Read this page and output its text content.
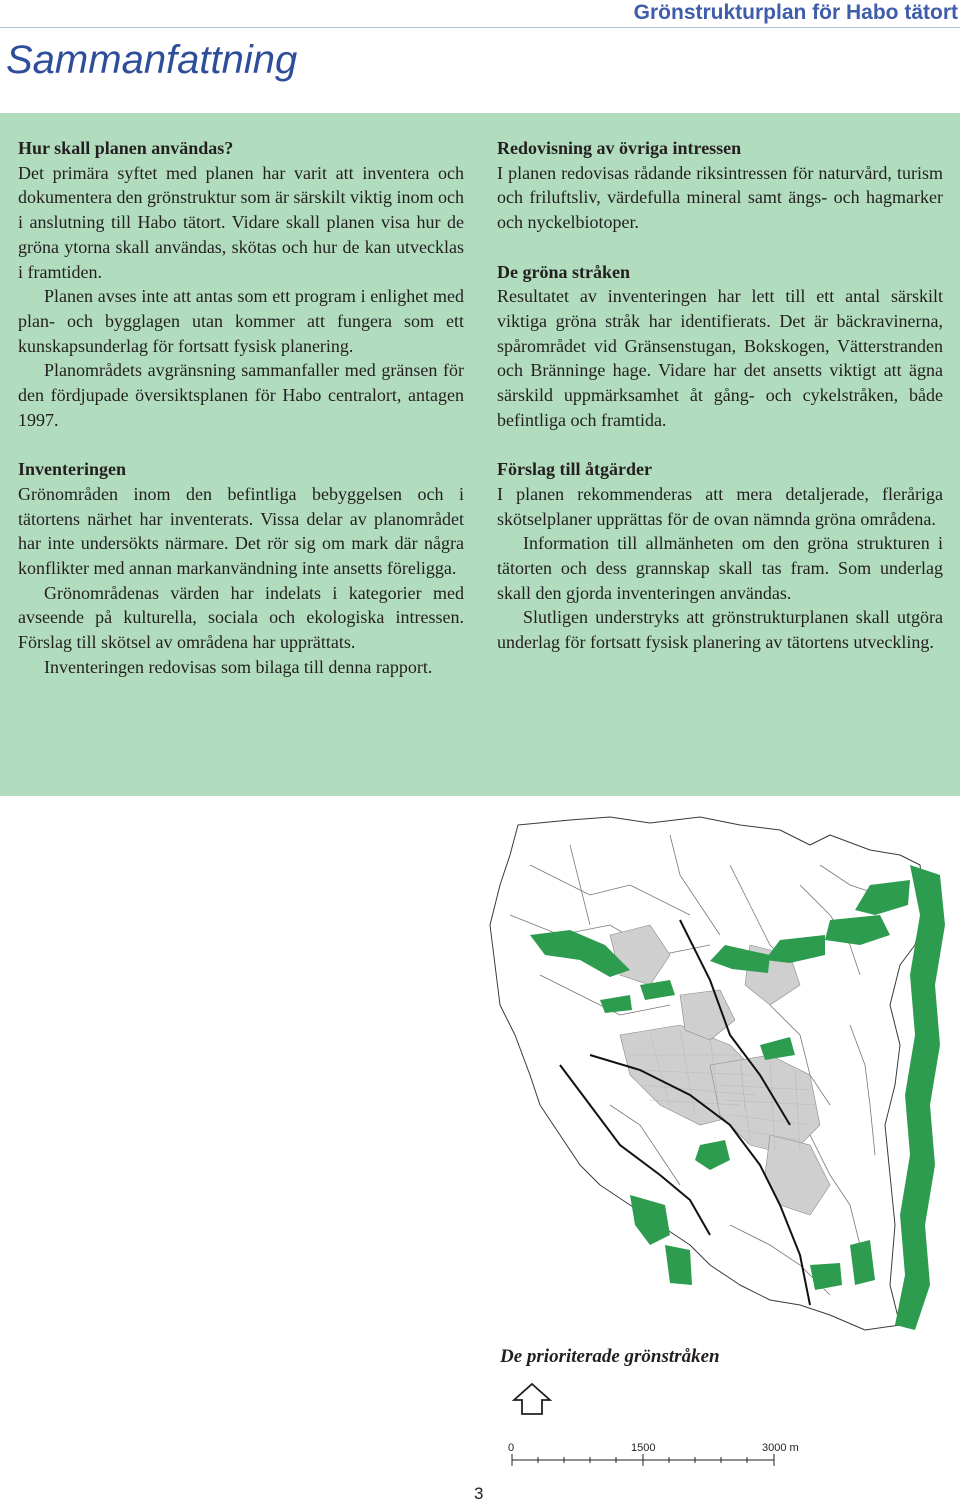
Grönstrukturplan för Habo tätort
Sammanfattning
Hur skall planen användas?

Det primära syftet med planen har varit att inventera och dokumentera den grönstruktur som är särskilt viktig inom och i anslutning till Habo tätort. Vidare skall planen visa hur de gröna ytorna skall användas, skötas och hur de kan utvecklas i framtiden.

Planen avses inte att antas som ett program i enlighet med plan- och bygglagen utan kommer att fungera som ett kunskapsunderlag för fortsatt fysisk planering.

Planområdets avgränsning sammanfaller med gränsen för den fördjupade översiktsplanen för Habo centralort, antagen 1997.

Inventeringen

Grönområden inom den befintliga bebyggelsen och i tätortens närhet har inventerats. Vissa delar av planområdet har inte undersökts närmare. Det rör sig om mark där några konflikter med annan markanvändning inte ansetts föreligga.

Grönområdenas värden har indelats i kategorier med avseende på kulturella, sociala och ekologiska intressen. Förslag till skötsel av områdena har upprättats.

Inventeringen redovisas som bilaga till denna rapport.

Redovisning av övriga intressen

I planen redovisas rådande riksintressen för naturvård, turism och friluftsliv, värdefulla mineral samt ängs- och hagmarker och nyckelbiotoper.

De gröna stråken

Resultatet av inventeringen har lett till ett antal särskilt viktiga gröna stråk har identifierats. Det är bäckravinerna, spårområdet vid Gränsenstugan, Bokskogen, Vätterstranden och Bränninge hage. Vidare har det ansetts viktigt att ägna särskild uppmärksamhet åt gång- och cykelstråken, både befintliga och framtida.

Förslag till åtgärder

I planen rekommenderas att mera detaljerade, fleråriga skötselplaner upprättas för de ovan nämnda gröna områdena.

Information till allmänheten om den gröna strukturen i tätorten och dess grannskap skall tas fram. Som underlag skall den gjorda inventeringen användas.

Slutligen understryks att grönstrukturplanen skall utgöra underlag för fortsatt fysisk planering av tätortens utveckling.

De prioriterade grönstråken
0	1500	3000 m
3
